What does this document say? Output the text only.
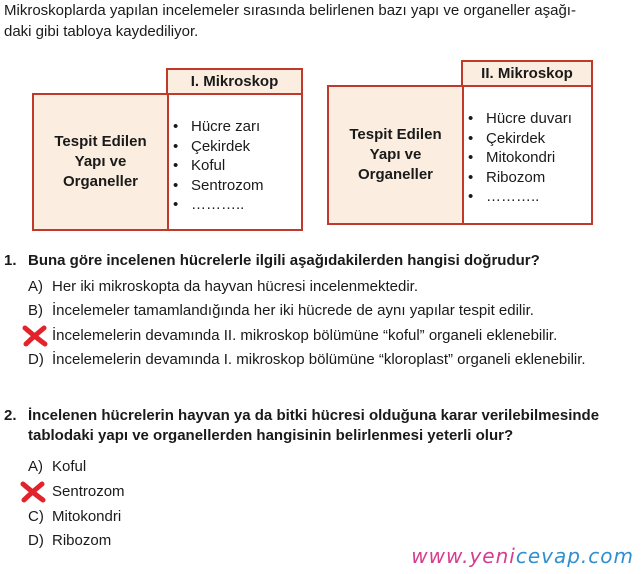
Mikroskoplarda yapılan incelemeler sırasında belirlenen bazı yapı ve organeller aşağı-
daki gibi tabloya kaydediliyor.

I. Mikroskop
Tespit Edilen
Yapı ve
Organeller
• Hücre zarı
• Çekirdek
• Koful
• Sentrozom
• ………..
II. Mikroskop
Tespit Edilen
Yapı ve
Organeller
• Hücre duvarı
• Çekirdek
• Mitokondri
• Ribozom
• ………..

1. Buna göre incelenen hücrelerle ilgili aşağıdakilerden hangisi doğrudur?

A) Her iki mikroskopta da hayvan hücresi incelenmektedir.
B) İncelemeler tamamlandığında her iki hücrede de aynı yapılar tespit edilir.
İncelemelerin devamında II. mikroskop bölümüne “koful” organeli eklenebilir.
D) İncelemelerin devamında I. mikroskop bölümüne “kloroplast” organeli eklenebilir.

2. İncelenen hücrelerin hayvan ya da bitki hücresi olduğuna karar verilebilmesinde
tablodaki yapı ve organellerden hangisinin belirlenmesi yeterli olur?

A) Koful
Sentrozom
C) Mitokondri
D) Ribozom
www.yenicevap.com
